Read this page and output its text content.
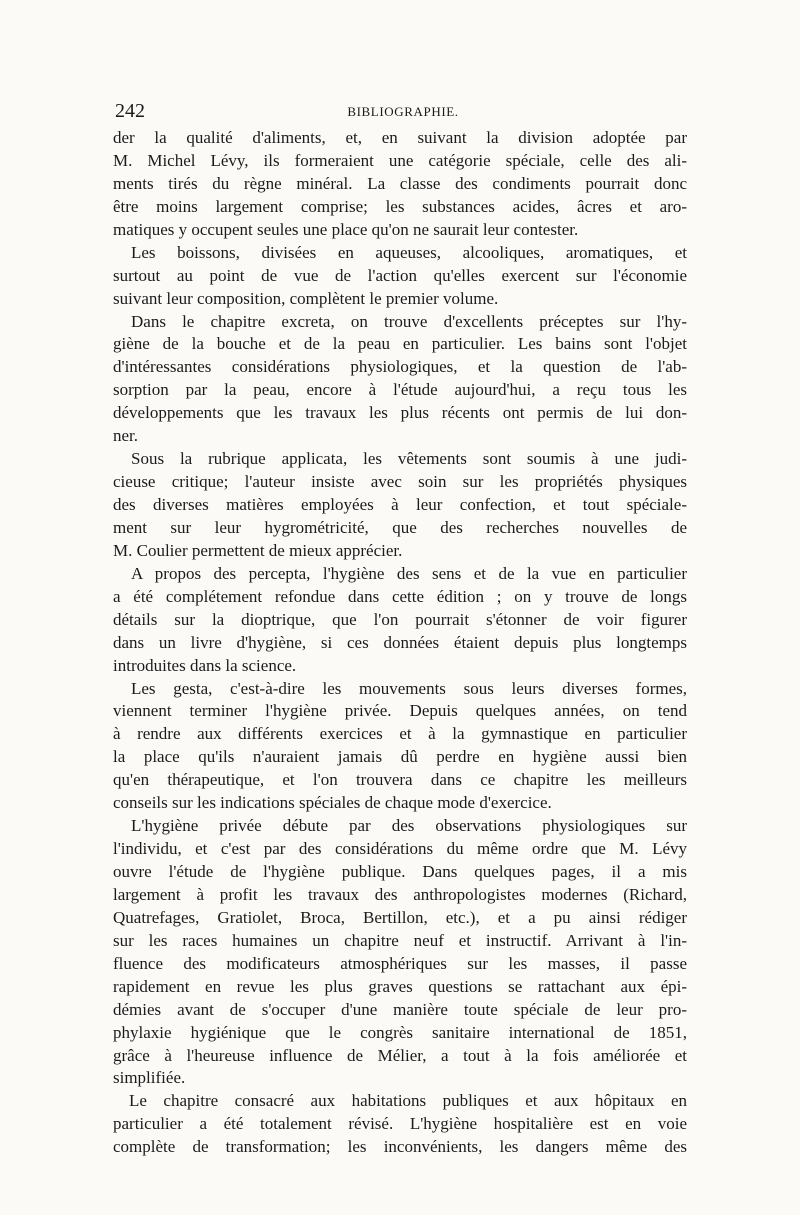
242	BIBLIOGRAPHIE.
der la qualité d'aliments, et, en suivant la division adoptée par
M. Michel Lévy, ils formeraient une catégorie spéciale, celle des ali-
ments tirés du règne minéral. La classe des condiments pourrait donc
être moins largement comprise; les substances acides, âcres et aro-
matiques y occupent seules une place qu'on ne saurait leur contester.
Les boissons, divisées en aqueuses, alcooliques, aromatiques, et
surtout au point de vue de l'action qu'elles exercent sur l'économie
suivant leur composition, complètent le premier volume.
Dans le chapitre excreta, on trouve d'excellents préceptes sur l'hy-
giène de la bouche et de la peau en particulier. Les bains sont l'objet
d'intéressantes considérations physiologiques, et la question de l'ab-
sorption par la peau, encore à l'étude aujourd'hui, a reçu tous les
développements que les travaux les plus récents ont permis de lui don-
ner.
Sous la rubrique applicata, les vêtements sont soumis à une judi-
cieuse critique; l'auteur insiste avec soin sur les propriétés physiques
des diverses matières employées à leur confection, et tout spéciale-
ment sur leur hygrométricité, que des recherches nouvelles de
M. Coulier permettent de mieux apprécier.
A propos des percepta, l'hygiène des sens et de la vue en particulier
a été complétement refondue dans cette édition ; on y trouve de longs
détails sur la dioptrique, que l'on pourrait s'étonner de voir figurer
dans un livre d'hygiène, si ces données étaient depuis plus longtemps
introduites dans la science.
Les gesta, c'est-à-dire les mouvements sous leurs diverses formes,
viennent terminer l'hygiène privée. Depuis quelques années, on tend
à rendre aux différents exercices et à la gymnastique en particulier
la place qu'ils n'auraient jamais dû perdre en hygiène aussi bien
qu'en thérapeutique, et l'on trouvera dans ce chapitre les meilleurs
conseils sur les indications spéciales de chaque mode d'exercice.
L'hygiène privée débute par des observations physiologiques sur
l'individu, et c'est par des considérations du même ordre que M. Lévy
ouvre l'étude de l'hygiène publique. Dans quelques pages, il a mis
largement à profit les travaux des anthropologistes modernes (Richard,
Quatrefages, Gratiolet, Broca, Bertillon, etc.), et a pu ainsi rédiger
sur les races humaines un chapitre neuf et instructif. Arrivant à l'in-
fluence des modificateurs atmosphériques sur les masses, il passe
rapidement en revue les plus graves questions se rattachant aux épi-
démies avant de s'occuper d'une manière toute spéciale de leur pro-
phylaxie hygiénique que le congrès sanitaire international de 1851,
grâce à l'heureuse influence de Mélier, a tout à la fois améliorée et
simplifiée.
Le chapitre consacré aux habitations publiques et aux hôpitaux en
particulier a été totalement révisé. L'hygiène hospitalière est en voie
complète de transformation; les inconvénients, les dangers même des
